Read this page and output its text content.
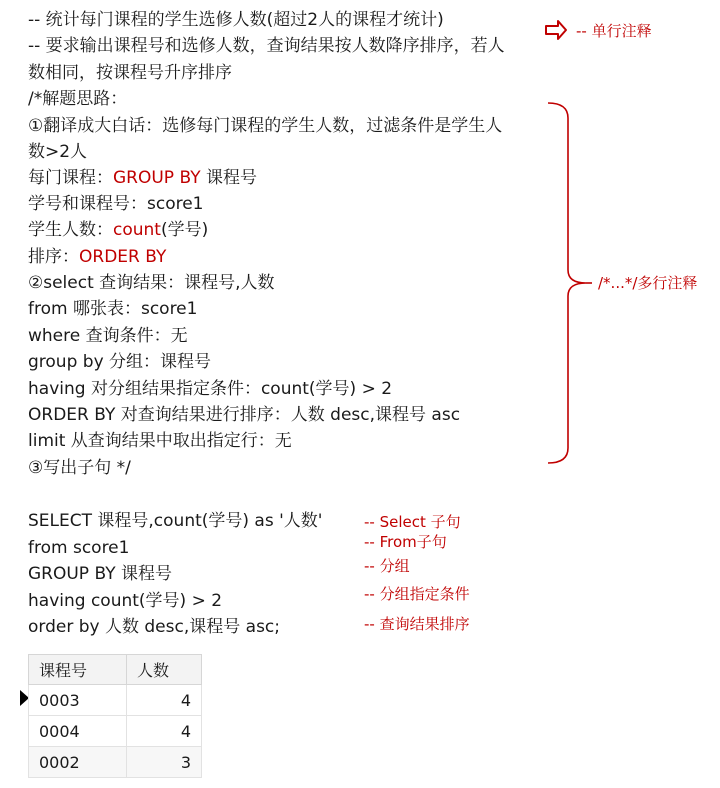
-- 统计每门课程的学生选修人数(超过2人的课程才统计)
-- 要求输出课程号和选修人数，查询结果按人数降序排序，若人
数相同，按课程号升序排序
/*解题思路：
①翻译成大白话：选修每门课程的学生人数，过滤条件是学生人
数>2人
每门课程：GROUP BY 课程号
学号和课程号：score1
学生人数：count(学号)
排序：ORDER BY
②select 查询结果：课程号,人数
from 哪张表：score1
where 查询条件：无
group by 分组：课程号
having 对分组结果指定条件：count(学号) > 2
ORDER BY 对查询结果进行排序：人数 desc,课程号 asc
limit 从查询结果中取出指定行：无
③写出子句 */
SELECT 课程号,count(学号) as '人数'
from score1
GROUP BY 课程号
having count(学号) > 2
order by 人数 desc,课程号 asc;
-- 单行注释
/*...*/多行注释
-- Select 子句
-- From子句
-- 分组
-- 分组指定条件
-- 查询结果排序
课程号	人数
0003	4
0004	4
0002	3
